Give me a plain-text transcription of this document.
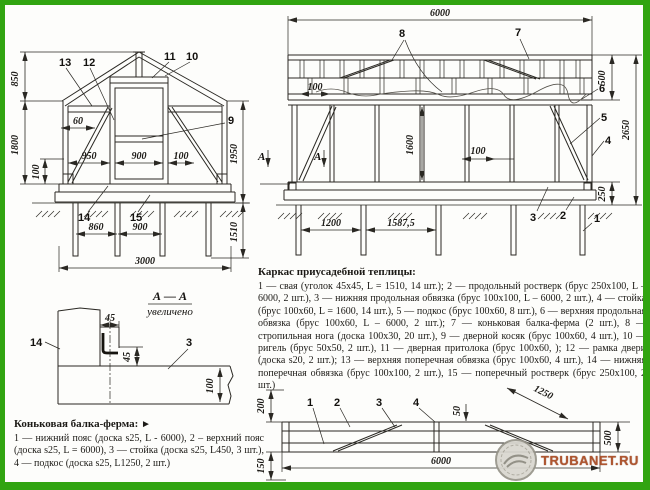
850
1800
100
60
950	900	100	1950
1510
860	900
3000
13 12	11 10
9
14	15
6000
100
1600	100
1200	1587,5
500
250
2650
A	A
8	7
6
5
4
3 2	1
Каркас приусадебной теплицы:

1 — свая (уголок 45х45, L = 1510, 14 шт.); 2 — продольный ростверк (брус 250х100, L – 6000, 2 шт.), 3 — нижняя продольная обвязка (брус 100х100, L – 6000, 2 шт.), 4 — стойка (брус 100х60, L = 1600, 14 шт.), 5 — подкос (брус 100х60, 8 шт.), 6 — верхняя продольная обвязка (брус 100х60, L – 6000, 2 шт.); 7 — коньковая балка-ферма (2 шт.), 8 — стропильная нога (доска 100х30, 20 шт.), 9 — дверной косяк (брус 100х60, 4 шт.), 10 — ригель (брус 50х50, 2 шт.), 11 — дверная притолока (брус 100х60, ); 12 — рамка двери (доска s20, 2 шт.); 13 — верхняя поперечная обвязка (брус 100х60, 4 шт.), 14 — нижняя поперечная обвязка (брус 100х100, 2 шт.), 15 — поперечный ростверк (брус 250х100, 2 шт.)

А — А
увеличено
45
45
100
14	3
Коньковая балка-ферма: ►

1 — нижний пояс (доска s25, L - 6000), 2 – верхний пояс (доска s25, L = 6000), 3 — стойка (доска s25, L450, 3 шт.), 4 — подкос (доска s25, L1250, 2 шт.)

200
150
50
1250
6000
500
1 2	3	4
TRUBANET.RU
